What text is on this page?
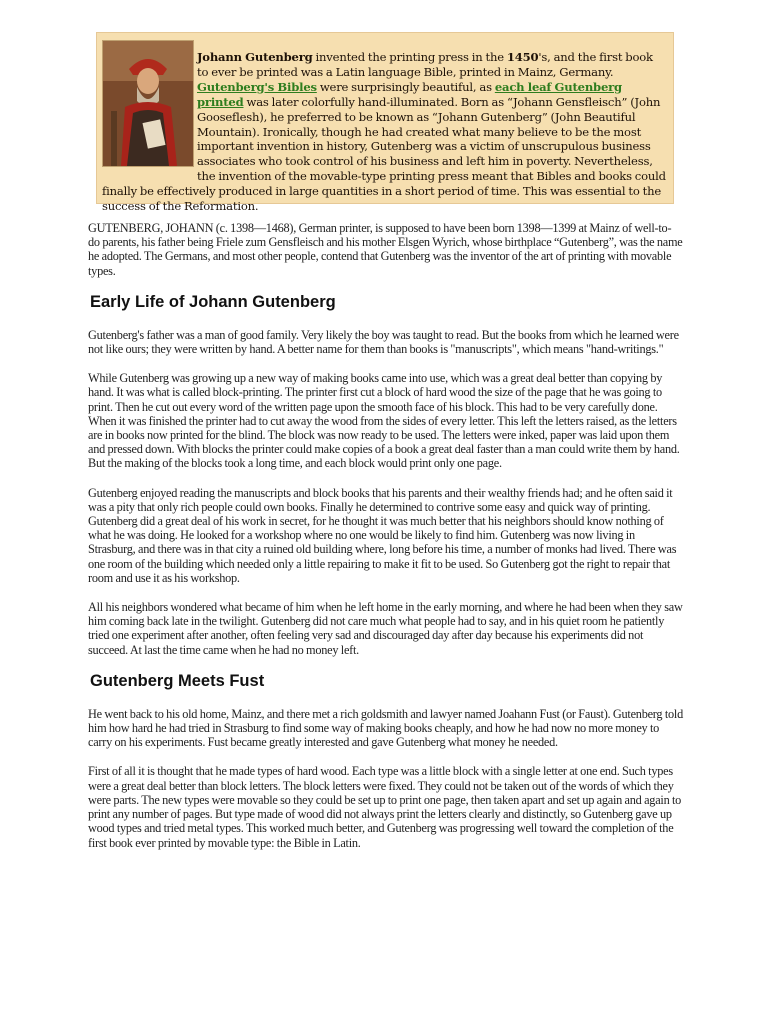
Johann Gutenberg invented the printing press in the 1450's, and the first book to ever be printed was a Latin language Bible, printed in Mainz, Germany. Gutenberg's Bibles were surprisingly beautiful, as each leaf Gutenberg printed was later colorfully hand-illuminated. Born as “Johann Gensfleisch” (John Gooseflesh), he preferred to be known as “Johann Gutenberg” (John Beautiful Mountain). Ironically, though he had created what many believe to be the most important invention in history, Gutenberg was a victim of unscrupulous business associates who took control of his business and left him in poverty. Nevertheless, the invention of the movable-type printing press meant that Bibles and books could finally be effectively produced in large quantities in a short period of time. This was essential to the success of the Reformation.

GUTENBERG, JOHANN (c. 1398—1468), German printer, is supposed to have been born 1398—1399 at Mainz of well-to-do parents, his father being Friele zum Gensfleisch and his mother Elsgen Wyrich, whose birthplace “Gutenberg”, was the name he adopted. The Germans, and most other people, contend that Gutenberg was the inventor of the art of printing with movable types.

Early Life of Johann Gutenberg

Gutenberg's father was a man of good family. Very likely the boy was taught to read. But the books from which he learned were not like ours; they were written by hand. A better name for them than books is "manuscripts", which means "hand-writings."

While Gutenberg was growing up a new way of making books came into use, which was a great deal better than copying by hand. It was what is called block-printing. The printer first cut a block of hard wood the size of the page that he was going to print. Then he cut out every word of the written page upon the smooth face of his block. This had to be very carefully done. When it was finished the printer had to cut away the wood from the sides of every letter. This left the letters raised, as the letters are in books now printed for the blind. The block was now ready to be used. The letters were inked, paper was laid upon them and pressed down. With blocks the printer could make copies of a book a great deal faster than a man could write them by hand. But the making of the blocks took a long time, and each block would print only one page.

Gutenberg enjoyed reading the manuscripts and block books that his parents and their wealthy friends had; and he often said it was a pity that only rich people could own books. Finally he determined to contrive some easy and quick way of printing. Gutenberg did a great deal of his work in secret, for he thought it was much better that his neighbors should know nothing of what he was doing. He looked for a workshop where no one would be likely to find him. Gutenberg was now living in Strasburg, and there was in that city a ruined old building where, long before his time, a number of monks had lived. There was one room of the building which needed only a little repairing to make it fit to be used. So Gutenberg got the right to repair that room and use it as his workshop.

All his neighbors wondered what became of him when he left home in the early morning, and where he had been when they saw him coming back late in the twilight. Gutenberg did not care much what people had to say, and in his quiet room he patiently tried one experiment after another, often feeling very sad and discouraged day after day because his experiments did not succeed. At last the time came when he had no money left.

Gutenberg Meets Fust

He went back to his old home, Mainz, and there met a rich goldsmith and lawyer named Joahann Fust (or Faust). Gutenberg told him how hard he had tried in Strasburg to find some way of making books cheaply, and how he had now no more money to carry on his experiments. Fust became greatly interested and gave Gutenberg what money he needed.

First of all it is thought that he made types of hard wood. Each type was a little block with a single letter at one end. Such types were a great deal better than block letters. The block letters were fixed. They could not be taken out of the words of which they were parts. The new types were movable so they could be set up to print one page, then taken apart and set up again and again to print any number of pages. But type made of wood did not always print the letters clearly and distinctly, so Gutenberg gave up wood types and tried metal types. This worked much better, and Gutenberg was progressing well toward the completion of the first book ever printed by movable type: the Bible in Latin.
